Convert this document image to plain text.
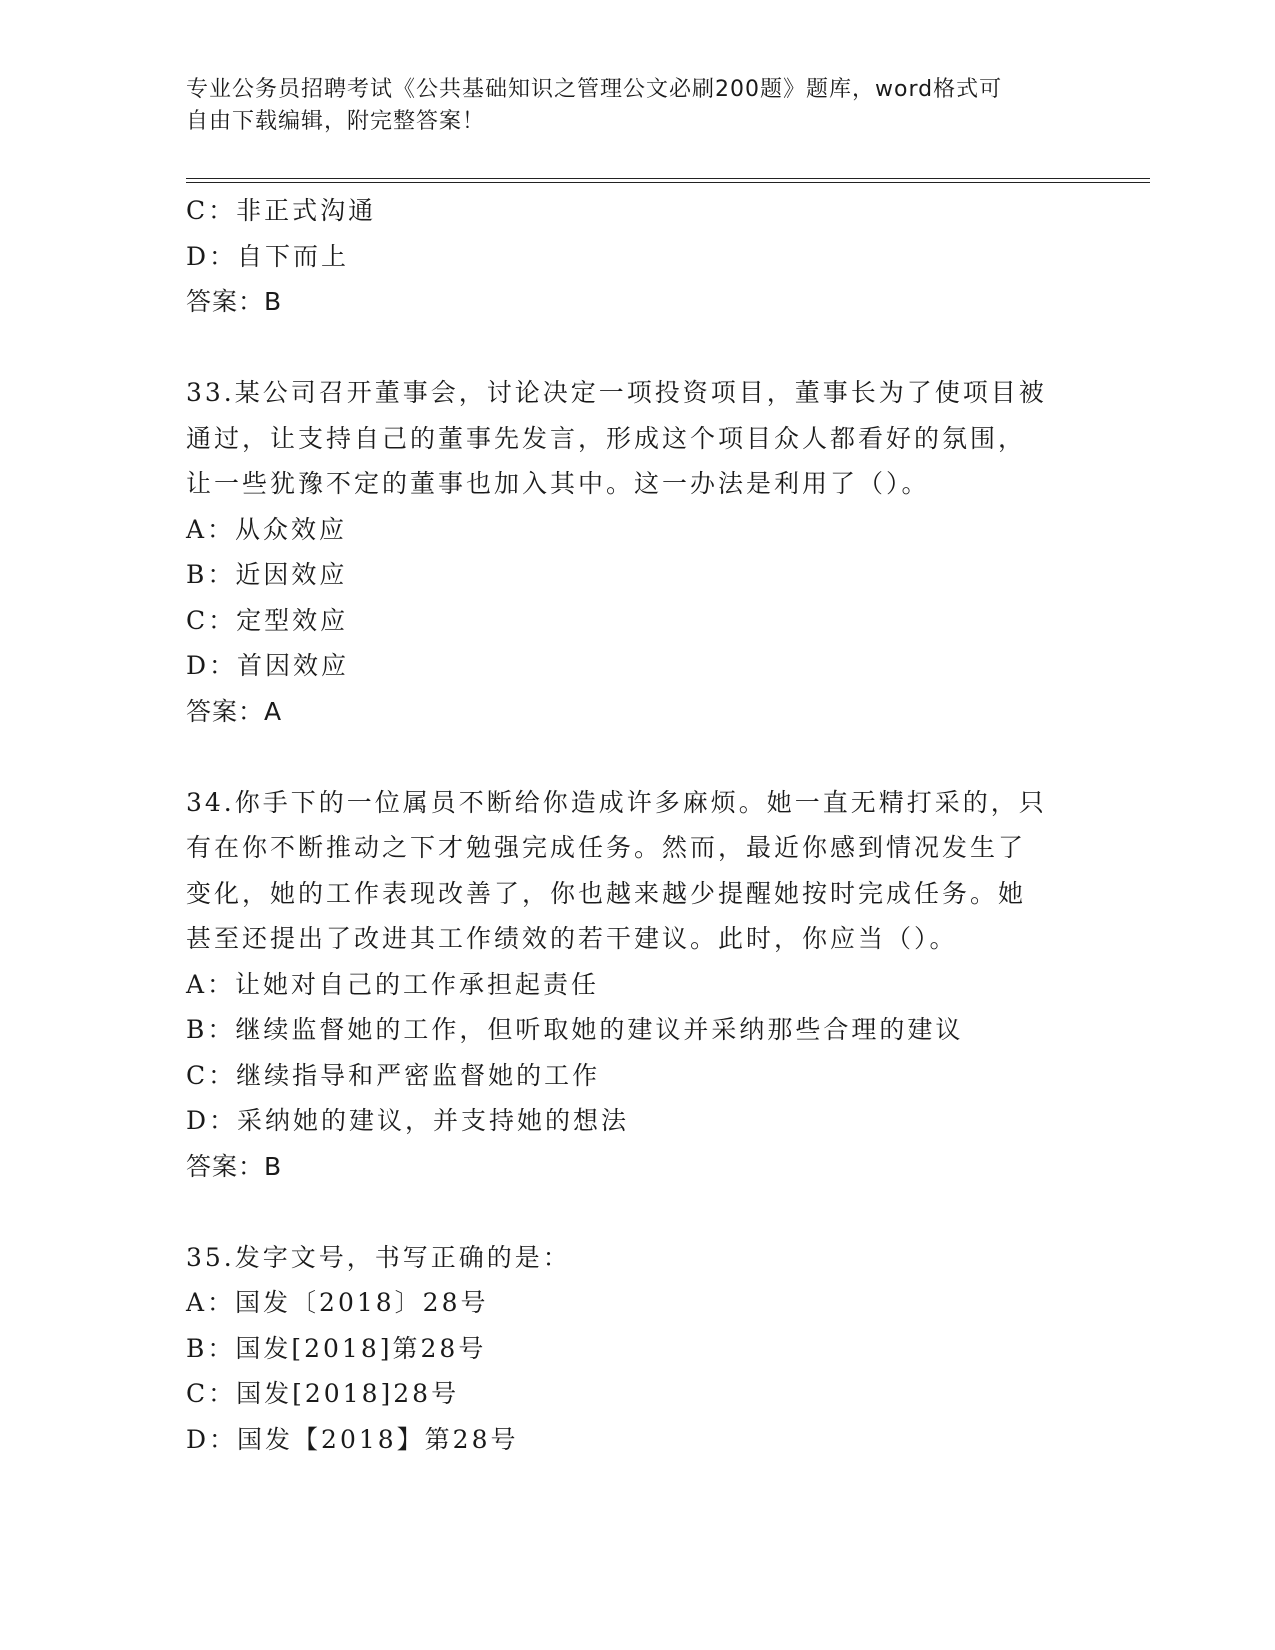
专业公务员招聘考试《公共基础知识之管理公文必刷200题》题库，word格式可

自由下载编辑，附完整答案！

C：非正式沟通
D：自下而上
答案：B
33.某公司召开董事会，讨论决定一项投资项目，董事长为了使项目被
通过，让支持自己的董事先发言，形成这个项目众人都看好的氛围，
让一些犹豫不定的董事也加入其中。这一办法是利用了（）。
A：从众效应
B：近因效应
C：定型效应
D：首因效应
答案：A
34.你手下的一位属员不断给你造成许多麻烦。她一直无精打采的，只
有在你不断推动之下才勉强完成任务。然而，最近你感到情况发生了
变化，她的工作表现改善了，你也越来越少提醒她按时完成任务。她
甚至还提出了改进其工作绩效的若干建议。此时，你应当（）。
A：让她对自己的工作承担起责任
B：继续监督她的工作，但听取她的建议并采纳那些合理的建议
C：继续指导和严密监督她的工作
D：采纳她的建议，并支持她的想法
答案：B
35.发字文号，书写正确的是：
A：国发〔2018〕28号
B：国发[2018]第28号
C：国发[2018]28号
D：国发【2018】第28号
